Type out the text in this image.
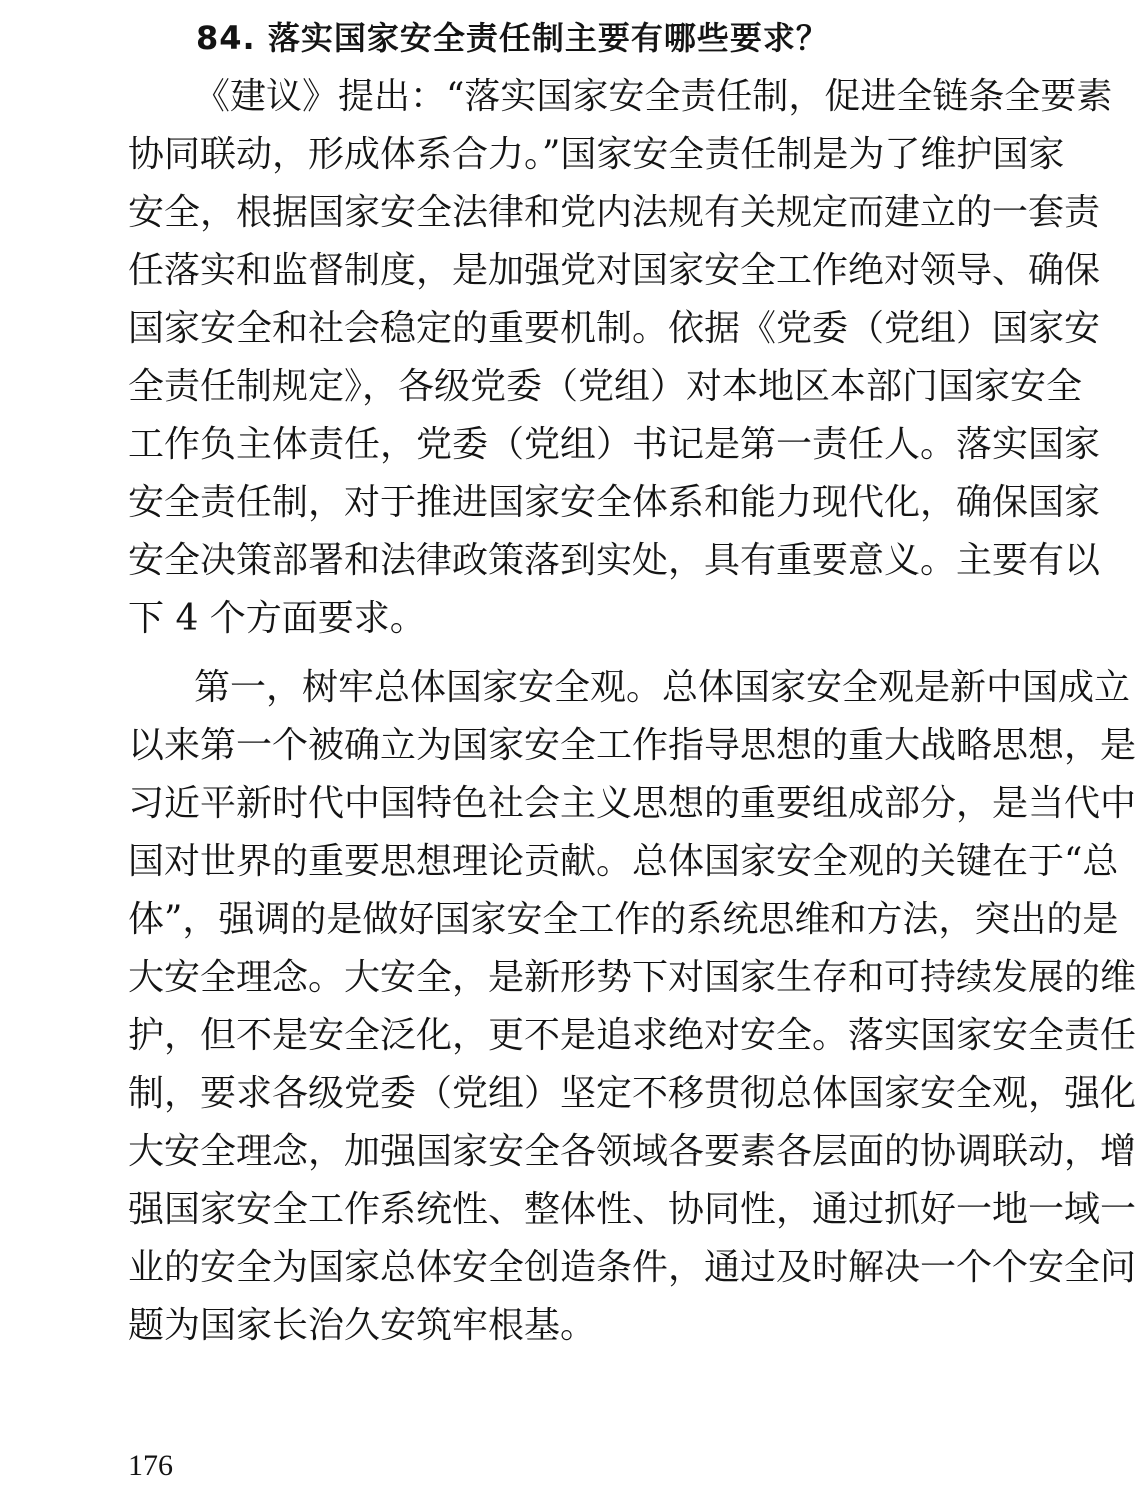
84. 落实国家安全责任制主要有哪些要求？
《建议》提出：“落实国家安全责任制，促进全链条全要素
协同联动，形成体系合力。”国家安全责任制是为了维护国家
安全，根据国家安全法律和党内法规有关规定而建立的一套责
任落实和监督制度，是加强党对国家安全工作绝对领导、确保
国家安全和社会稳定的重要机制。依据《党委（党组）国家安
全责任制规定》，各级党委（党组）对本地区本部门国家安全
工作负主体责任，党委（党组）书记是第一责任人。落实国家
安全责任制，对于推进国家安全体系和能力现代化，确保国家
安全决策部署和法律政策落到实处，具有重要意义。主要有以
下 4 个方面要求。
第一，树牢总体国家安全观。总体国家安全观是新中国成立
以来第一个被确立为国家安全工作指导思想的重大战略思想，是
习近平新时代中国特色社会主义思想的重要组成部分，是当代中
国对世界的重要思想理论贡献。总体国家安全观的关键在于“总
体”，强调的是做好国家安全工作的系统思维和方法，突出的是
大安全理念。大安全，是新形势下对国家生存和可持续发展的维
护，但不是安全泛化，更不是追求绝对安全。落实国家安全责任
制，要求各级党委（党组）坚定不移贯彻总体国家安全观，强化
大安全理念，加强国家安全各领域各要素各层面的协调联动，增
强国家安全工作系统性、整体性、协同性，通过抓好一地一域一
业的安全为国家总体安全创造条件，通过及时解决一个个安全问
题为国家长治久安筑牢根基。
176
